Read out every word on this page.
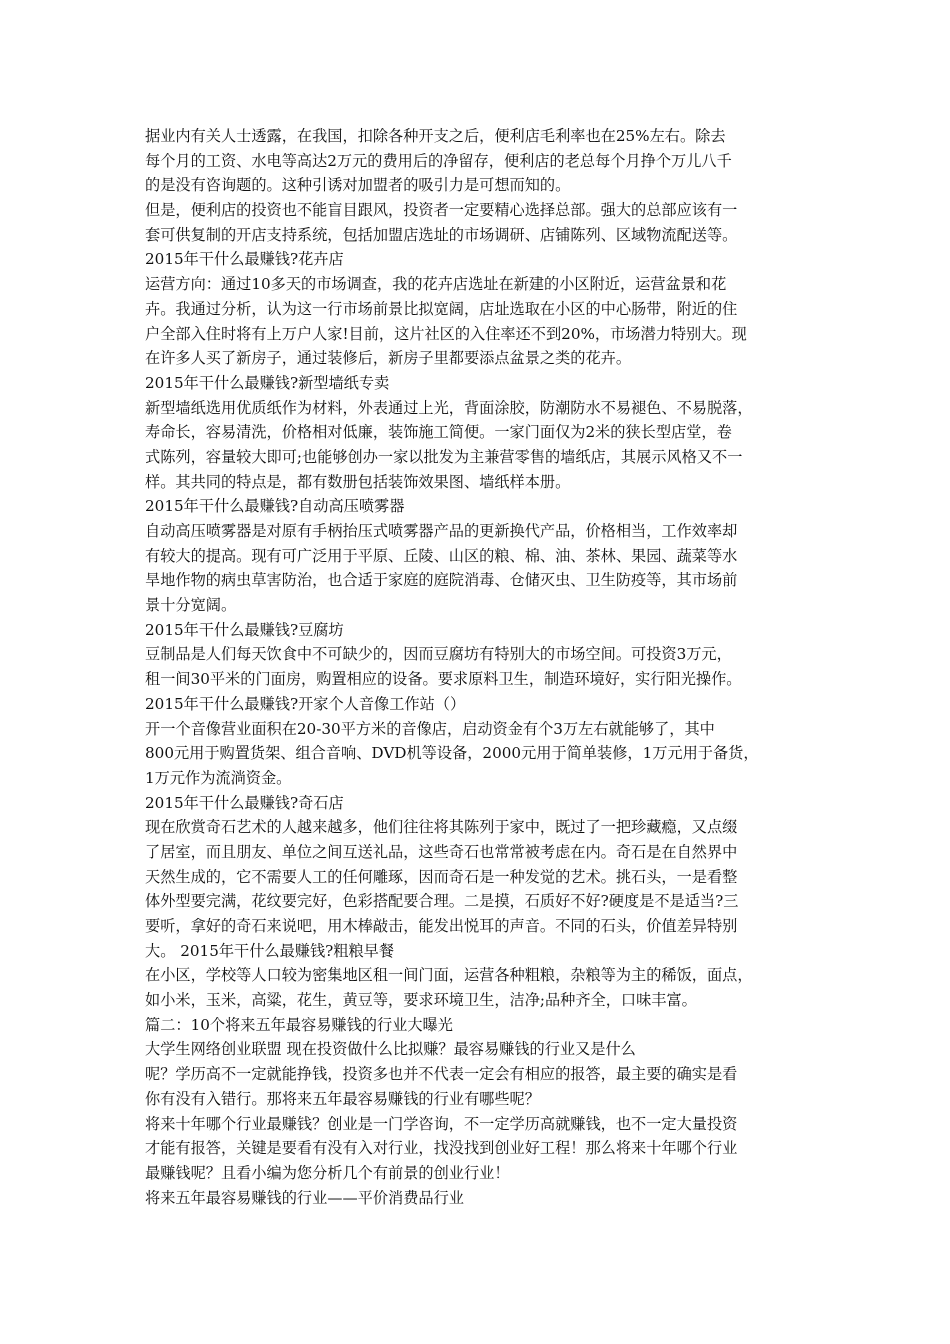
据业内有关人士透露，在我国，扣除各种开支之后，便利店毛利率也在25%左右。除去
每个月的工资、水电等高达2万元的费用后的净留存，便利店的老总每个月挣个万儿八千
的是没有咨询题的。这种引诱对加盟者的吸引力是可想而知的。
但是，便利店的投资也不能盲目跟风，投资者一定要精心选择总部。强大的总部应该有一
套可供复制的开店支持系统，包括加盟店选址的市场调研、店铺陈列、区域物流配送等。
2015年干什么最赚钱?花卉店
运营方向：通过10多天的市场调查，我的花卉店选址在新建的小区附近，运营盆景和花
卉。我通过分析，认为这一行市场前景比拟宽阔，店址选取在小区的中心肠带，附近的住
户全部入住时将有上万户人家!目前，这片社区的入住率还不到20%，市场潜力特别大。现
在许多人买了新房子，通过装修后，新房子里都要添点盆景之类的花卉。
2015年干什么最赚钱?新型墙纸专卖
新型墙纸选用优质纸作为材料，外表通过上光，背面涂胶，防潮防水不易褪色、不易脱落，
寿命长，容易清洗，价格相对低廉，装饰施工简便。一家门面仅为2米的狭长型店堂，卷
式陈列，容量较大即可;也能够创办一家以批发为主兼营零售的墙纸店，其展示风格又不一
样。其共同的特点是，都有数册包括装饰效果图、墙纸样本册。
2015年干什么最赚钱?自动高压喷雾器
自动高压喷雾器是对原有手柄抬压式喷雾器产品的更新换代产品，价格相当，工作效率却
有较大的提高。现有可广泛用于平原、丘陵、山区的粮、棉、油、茶林、果园、蔬菜等水
旱地作物的病虫草害防治，也合适于家庭的庭院消毒、仓储灭虫、卫生防疫等，其市场前
景十分宽阔。
2015年干什么最赚钱?豆腐坊
豆制品是人们每天饮食中不可缺少的，因而豆腐坊有特别大的市场空间。可投资3万元，
租一间30平米的门面房，购置相应的设备。要求原料卫生，制造环境好，实行阳光操作。
2015年干什么最赚钱?开家个人音像工作站（）
开一个音像营业面积在20-30平方米的音像店，启动资金有个3万左右就能够了，其中
800元用于购置货架、组合音响、DVD机等设备，2000元用于简单装修，1万元用于备货，
1万元作为流淌资金。
2015年干什么最赚钱?奇石店
现在欣赏奇石艺术的人越来越多，他们往往将其陈列于家中，既过了一把珍藏瘾，又点缀
了居室，而且朋友、单位之间互送礼品，这些奇石也常常被考虑在内。奇石是在自然界中
天然生成的，它不需要人工的任何雕琢，因而奇石是一种发觉的艺术。挑石头，一是看整
体外型要完满，花纹要完好，色彩搭配要合理。二是摸，石质好不好?硬度是不是适当?三
要听，拿好的奇石来说吧，用木棒敲击，能发出悦耳的声音。不同的石头，价值差异特别
大。 2015年干什么最赚钱?粗粮早餐
在小区，学校等人口较为密集地区租一间门面，运营各种粗粮，杂粮等为主的稀饭，面点，
如小米，玉米，高粱，花生，黄豆等，要求环境卫生，洁净;品种齐全，口味丰富。
篇二：10个将来五年最容易赚钱的行业大曝光
大学生网络创业联盟 现在投资做什么比拟赚？最容易赚钱的行业又是什么
呢？学历高不一定就能挣钱，投资多也并不代表一定会有相应的报答，最主要的确实是看
你有没有入错行。那将来五年最容易赚钱的行业有哪些呢？
将来十年哪个行业最赚钱？创业是一门学咨询，不一定学历高就赚钱，也不一定大量投资
才能有报答，关键是要看有没有入对行业，找没找到创业好工程！那么将来十年哪个行业
最赚钱呢？且看小编为您分析几个有前景的创业行业！
将来五年最容易赚钱的行业——平价消费品行业
